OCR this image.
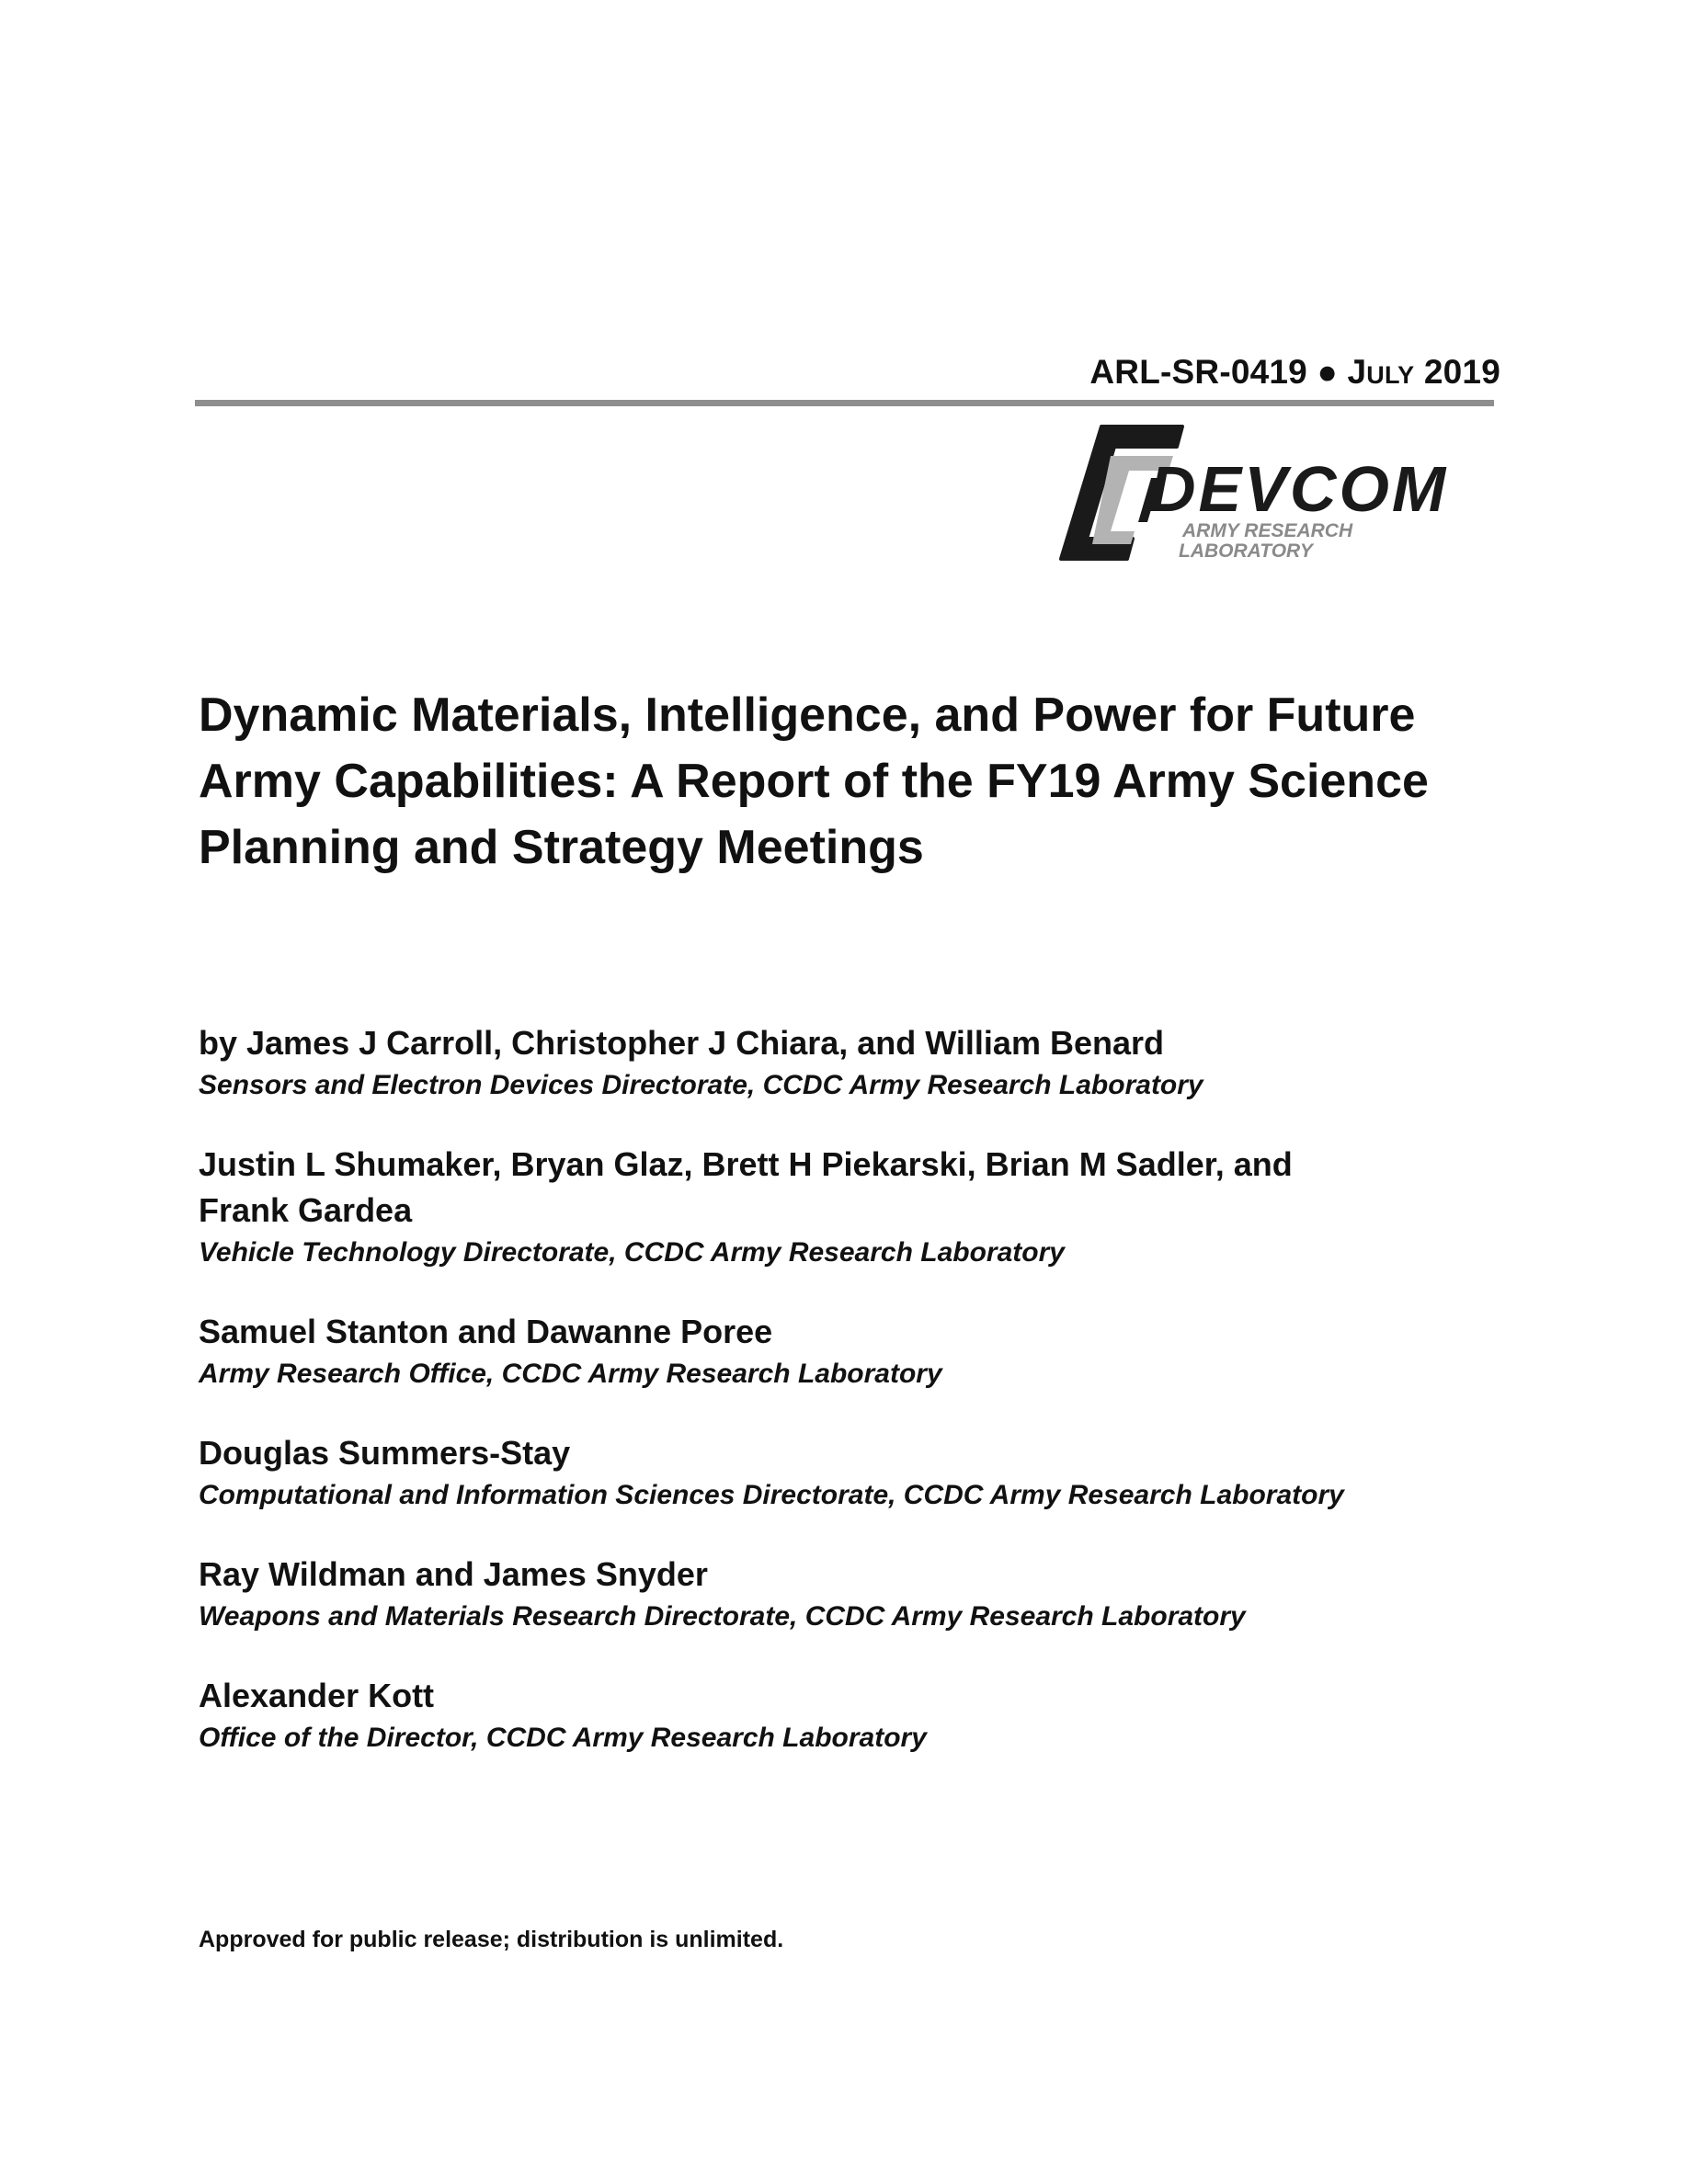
ARL-SR-0419 ● JULY 2019
DEVCOM
ARMY RESEARCH
LABORATORY
Dynamic Materials, Intelligence, and Power for Future Army Capabilities: A Report of the FY19 Army Science Planning and Strategy Meetings
by James J Carroll, Christopher J Chiara, and William Benard
Sensors and Electron Devices Directorate, CCDC Army Research Laboratory
Justin L Shumaker, Bryan Glaz, Brett H Piekarski, Brian M Sadler, and Frank Gardea
Vehicle Technology Directorate, CCDC Army Research Laboratory
Samuel Stanton and Dawanne Poree
Army Research Office, CCDC Army Research Laboratory
Douglas Summers-Stay
Computational and Information Sciences Directorate, CCDC Army Research Laboratory
Ray Wildman and James Snyder
Weapons and Materials Research Directorate, CCDC Army Research Laboratory
Alexander Kott
Office of the Director, CCDC Army Research Laboratory
Approved for public release; distribution is unlimited.
